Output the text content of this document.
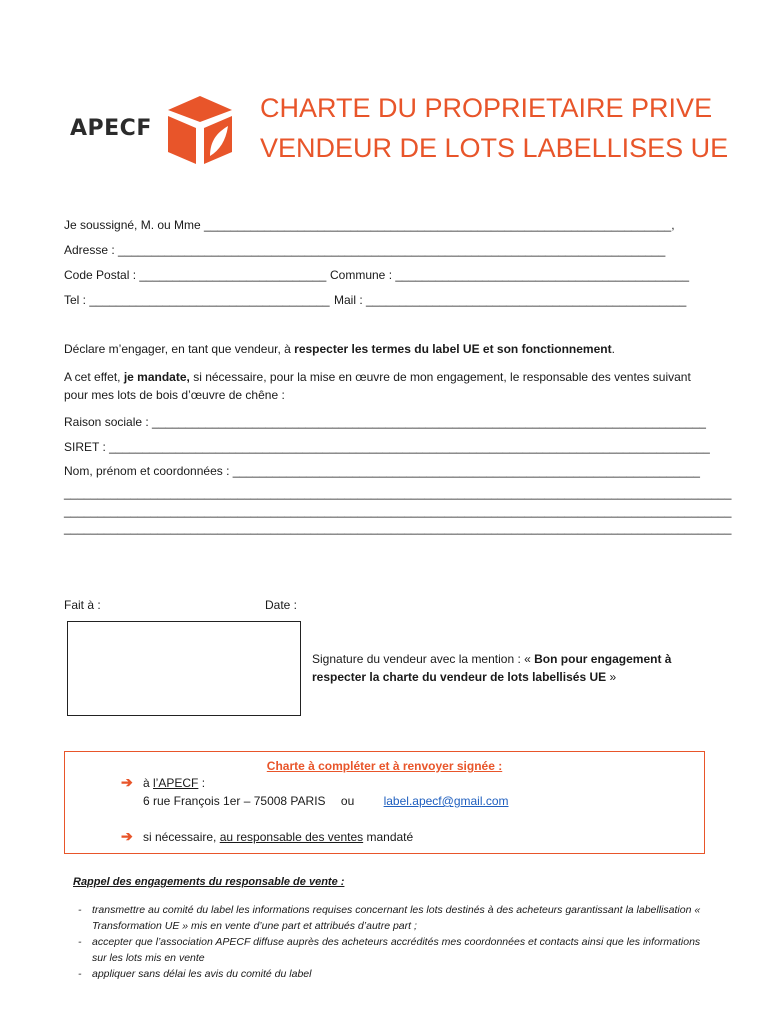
APECF
CHARTE DU PROPRIETAIRE PRIVE
VENDEUR DE LOTS LABELLISES UE
Je soussigné, M. ou Mme ______________________________________________________________________,
Adresse : __________________________________________________________________________________
Code Postal : ____________________________ Commune : ____________________________________________
Tel : ____________________________________ Mail : ________________________________________________
Déclare m’engager, en tant que vendeur, à respecter les termes du label UE et son fonctionnement.
A cet effet, je mandate, si nécessaire, pour la mise en œuvre de mon engagement, le responsable des ventes suivant pour mes lots de bois d’œuvre de chêne :
Raison sociale : ___________________________________________________________________________________
SIRET : __________________________________________________________________________________________
Nom, prénom et coordonnées : ______________________________________________________________________
____________________________________________________________________________________________________
____________________________________________________________________________________________________
____________________________________________________________________________________________________
Fait à :	Date :
Signature du vendeur avec la mention : « Bon pour engagement à respecter la charte du vendeur de lots labellisés UE »
Charte à compléter et à renvoyer signée :
➔ à l’APECF :
6 rue François 1er – 75008 PARIS ou label.apecf@gmail.com
➔ si nécessaire, au responsable des ventes mandaté
Rappel des engagements du responsable de vente :
- transmettre au comité du label les informations requises concernant les lots destinés à des acheteurs garantissant la labellisation « Transformation UE » mis en vente d’une part et attribués d’autre part ;
- accepter que l’association APECF diffuse auprès des acheteurs accrédités mes coordonnées et contacts ainsi que les informations sur les lots mis en vente
- appliquer sans délai les avis du comité du label
